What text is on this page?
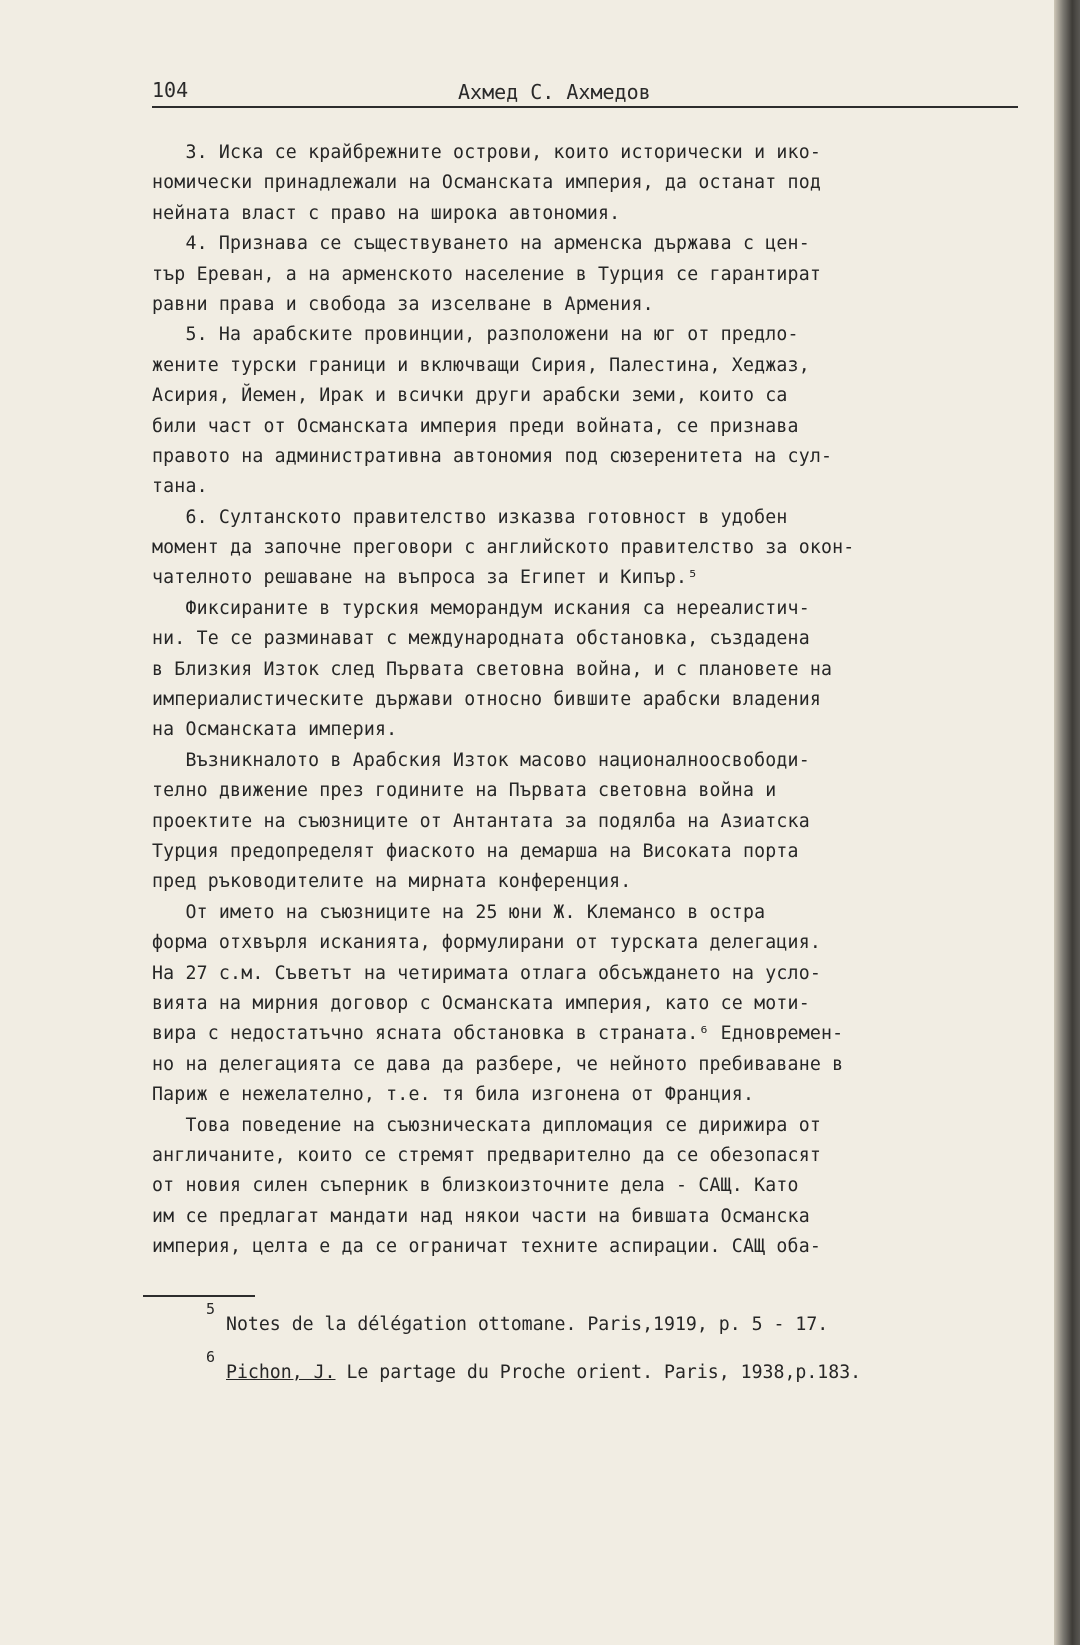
104	Ахмед С. Ахмедов
3. Иска се крайбрежните острови, които исторически и ико-
номически принадлежали на Османската империя, да останат под
нейната власт с право на широка автономия.
4. Признава се съществуването на арменска държава с цен-
тър Ереван, а на арменското население в Турция се гарантират
равни права и свобода за изселване в Армения.
5. На арабските провинции, разположени на юг от предло-
жените турски граници и включващи Сирия, Палестина, Хеджаз,
Асирия, Йемен, Ирак и всички други арабски земи, които са
били част от Османската империя преди войната, се признава
правото на административна автономия под сюзеренитета на сул-
тана.
6. Султанското правителство изказва готовност в удобен
момент да започне преговори с английското правителство за окон-
чателното решаване на въпроса за Египет и Кипър.⁵
Фиксираните в турския меморандум искания са нереалистич-
ни. Те се разминават с международната обстановка, създадена
в Близкия Изток след Първата световна война, и с плановете на
империалистическите държави относно бившите арабски владения
на Османската империя.
Възникналото в Арабския Изток масово националноосвободи-
телно движение през годините на Първата световна война и
проектите на съюзниците от Антантата за подялба на Азиатска
Турция предопределят фиаското на демарша на Високата порта
пред ръководителите на мирната конференция.
От името на съюзниците на 25 юни Ж. Клемансо в остра
форма отхвърля исканията, формулирани от турската делегация.
На 27 с.м. Съветът на четиримата отлага обсъждането на усло-
вията на мирния договор с Османската империя, като се моти-
вира с недостатъчно ясната обстановка в страната.⁶ Едновремен-
но на делегацията се дава да разбере, че нейното пребиваване в
Париж е нежелателно, т.е. тя била изгонена от Франция.
Това поведение на съюзническата дипломация се дирижира от
англичаните, които се стремят предварително да се обезопасят
от новия силен съперник в близкоизточните дела - САЩ. Като
им се предлагат мандати над някои части на бившата Османска
империя, целта е да се ограничат техните аспирации. САЩ оба-

5

Notes de la délégation ottomane. Paris,1919, p. 5 - 17.

6

Pichon, J. Le partage du Proche orient. Paris, 1938,p.183.
